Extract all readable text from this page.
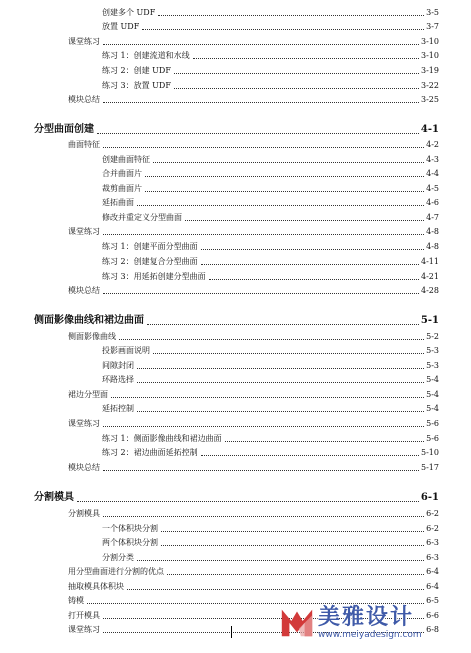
创建多个 UDF	3-5
放置 UDF	3-7
课堂练习	3-10
练习 1：创建流道和水线	3-10
练习 2：创建 UDF	3-19
练习 3：放置 UDF	3-22
模块总结	3-25
分型曲面创建	4-1
曲面特征	4-2
创建曲面特征	4-3
合并曲面片	4-4
裁剪曲面片	4-5
延拓曲面	4-6
修改并重定义分型曲面	4-7
课堂练习	4-8
练习 1：创建平面分型曲面	4-8
练习 2：创建复合分型曲面	4-11
练习 3：用延拓创建分型曲面	4-21
模块总结	4-28
侧面影像曲线和裙边曲面	5-1
侧面影像曲线	5-2
投影画面说明	5-3
间隙封闭	5-3
环路选择	5-4
裙边分型面	5-4
延拓控制	5-4
课堂练习	5-6
练习 1：侧面影像曲线和裙边曲面	5-6
练习 2：裙边曲面延拓控制	5-10
模块总结	5-17
分割模具	6-1
分割模具	6-2
一个体积块分割	6-2
两个体积块分割	6-3
分割分类	6-3
用分型曲面进行分割的优点	6-4
抽取模具体积块	6-4
铸模	6-5
打开模具	6-6
课堂练习	6-8
美雅设计
www.meiyadesign.com
